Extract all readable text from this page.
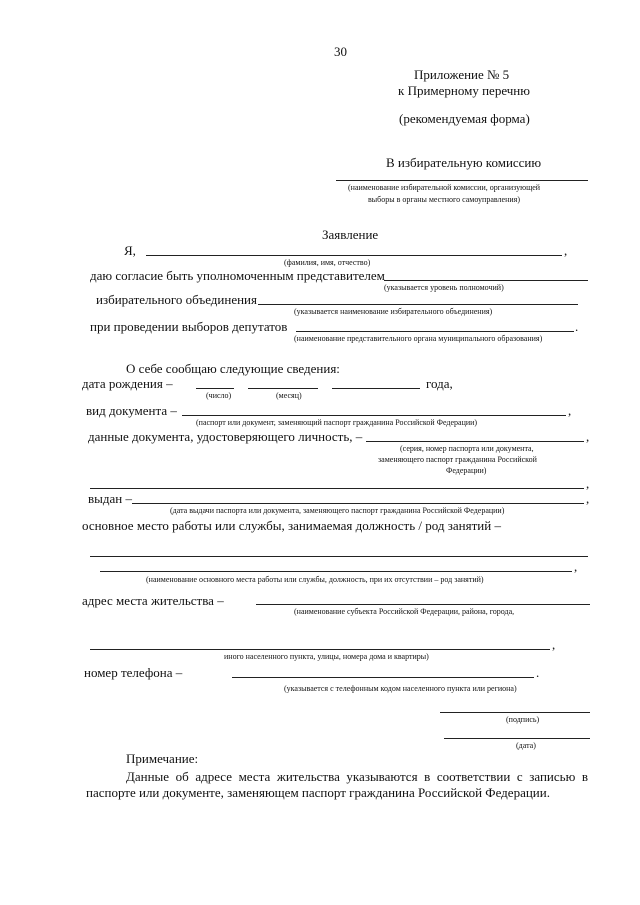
30
Приложение № 5
к Примерному перечню
(рекомендуемая форма)
В избирательную комиссию
(наименование избирательной комиссии, организующей
выборы в органы местного самоуправления)
Заявление
Я,	,
(фамилия, имя, отчество)
даю согласие быть уполномоченным представителем
(указывается уровень полномочий)
избирательного объединения
(указывается наименование избирательного объединения)
при проведении выборов депутатов	.
(наименование представительного органа муниципального образования)
О себе сообщаю следующие сведения:
дата рождения –	года,
(число)	(месяц)
вид документа –	,
(паспорт или документ, заменяющий паспорт гражданина Российской Федерации)
данные документа, удостоверяющего личность, –	,
(серия, номер паспорта или документа,
заменяющего паспорт гражданина Российской
Федерации)
,
выдан –	,
(дата выдачи паспорта или документа, заменяющего паспорт гражданина Российской Федерации)
основное место работы или службы, занимаемая должность / род занятий –
,
(наименование основного места работы или службы, должность, при их отсутствии – род занятий)
адрес места жительства –
(наименование субъекта Российской Федерации, района, города,
,
иного населенного пункта, улицы, номера дома и квартиры)
номер телефона –	.
(указывается с телефонным кодом населенного пункта или региона)
(подпись)
(дата)
Примечание:
Данные об адресе места жительства указываются в соответствии с записью в паспорте или документе, заменяющем паспорт гражданина Российской Федерации.
